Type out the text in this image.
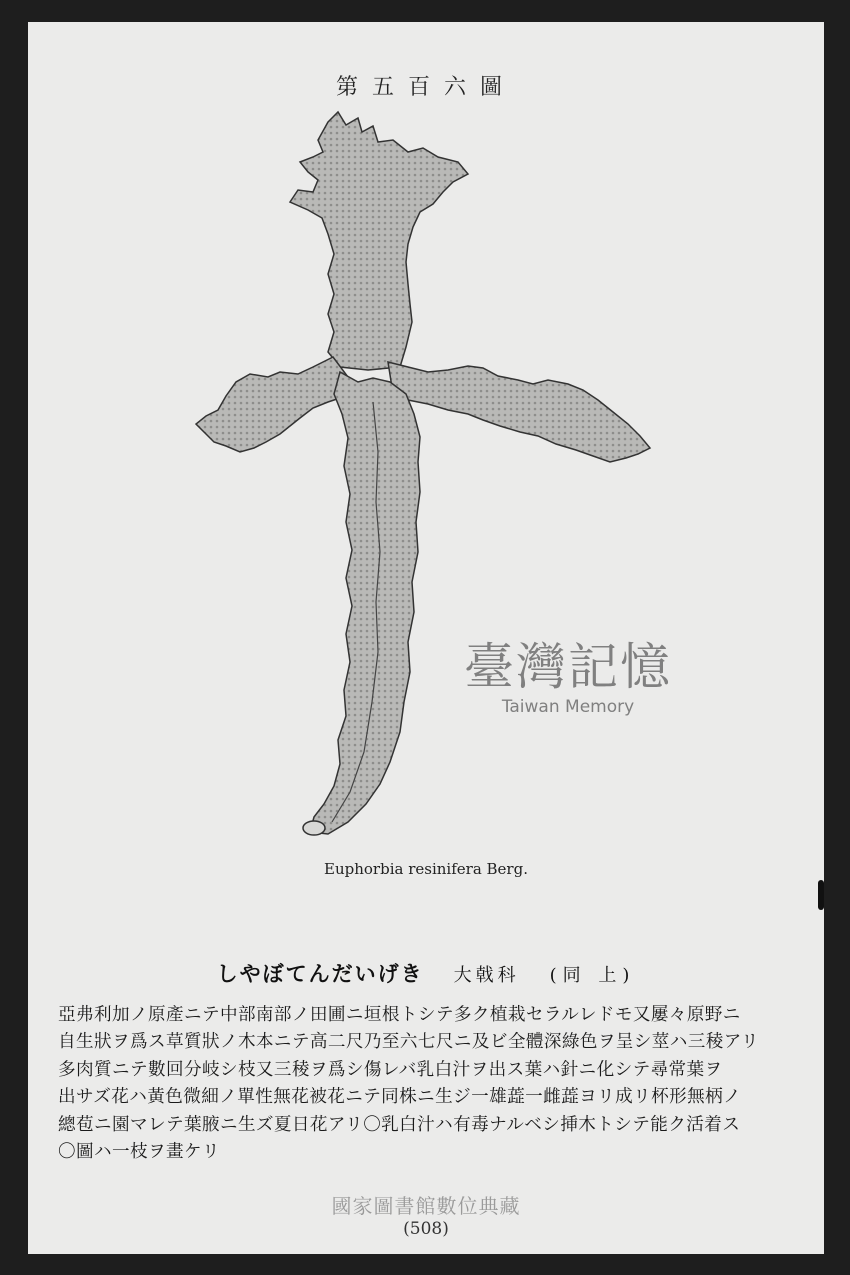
第五百六圖
Euphorbia resinifera Berg.
しやぼてんだいげき 大戟科 (同 上)
亞弗利加ノ原產ニテ中部南部ノ田圃ニ垣根トシテ多ク植栽セラルレドモ又屢々原野ニ
自生狀ヲ爲ス草質狀ノ木本ニテ高二尺乃至六七尺ニ及ビ全體深綠色ヲ呈シ莖ハ三稜アリ
多肉質ニテ數回分岐シ枝又三稜ヲ爲シ傷レバ乳白汁ヲ出ス葉ハ針ニ化シテ尋常葉ヲ
出サズ花ハ黃色微細ノ單性無花被花ニテ同株ニ生ジ一雄蕋一雌蕋ヨリ成リ杯形無柄ノ
總苞ニ園マレテ葉腋ニ生ズ夏日花アリ〇乳白汁ハ有毒ナルベシ挿木トシテ能ク活着ス
〇圖ハ一枝ヲ畫ケリ
臺灣記憶
Taiwan Memory
國家圖書館數位典藏
(508)
